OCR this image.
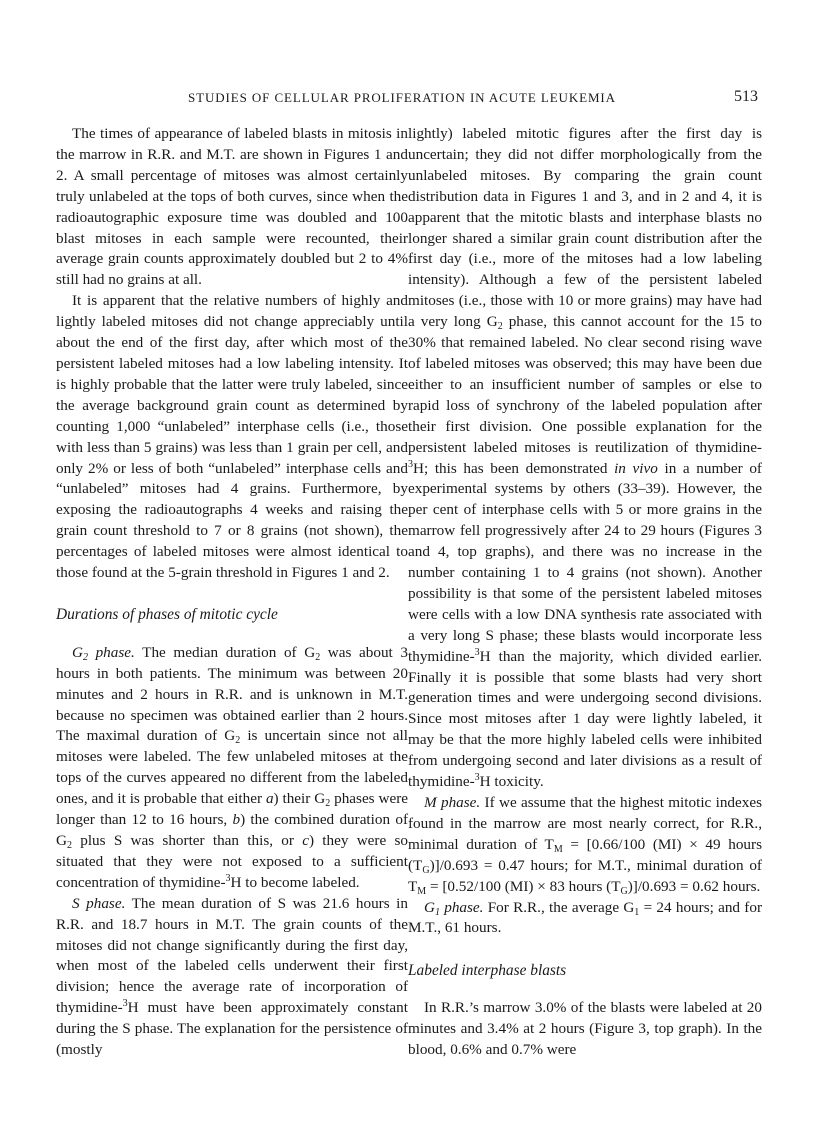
STUDIES OF CELLULAR PROLIFERATION IN ACUTE LEUKEMIA	513

The times of appearance of labeled blasts in mitosis in the marrow in R.R. and M.T. are shown in Figures 1 and 2. A small percentage of mitoses was almost certainly truly unlabeled at the tops of both curves, since when the radioautographic exposure time was doubled and 100 blast mitoses in each sample were recounted, their average grain counts approximately doubled but 2 to 4% still had no grains at all.

It is apparent that the relative numbers of highly and lightly labeled mitoses did not change appreciably until about the end of the first day, after which most of the persistent labeled mitoses had a low labeling intensity. It is highly probable that the latter were truly labeled, since the average background grain count as determined by counting 1,000 “unlabeled” interphase cells (i.e., those with less than 5 grains) was less than 1 grain per cell, and only 2% or less of both “unlabeled” interphase cells and “unlabeled” mitoses had 4 grains. Furthermore, by exposing the radioautographs 4 weeks and raising the grain count threshold to 7 or 8 grains (not shown), the percentages of labeled mitoses were almost identical to those found at the 5-grain threshold in Figures 1 and 2.

Durations of phases of mitotic cycle

$G_2$ phase. The median duration of $G_2$ was about 3 hours in both patients. The minimum was between 20 minutes and 2 hours in R.R. and is unknown in M.T. because no specimen was obtained earlier than 2 hours. The maximal duration of $G_2$ is uncertain since not all mitoses were labeled. The few unlabeled mitoses at the tops of the curves appeared no different from the labeled ones, and it is probable that either a) their $G_2$ phases were longer than 12 to 16 hours, b) the combined duration of $G_2$ plus S was shorter than this, or c) they were so situated that they were not exposed to a sufficient concentration of thymidine-$^3$H to become labeled.

S phase. The mean duration of S was 21.6 hours in R.R. and 18.7 hours in M.T. The grain counts of the mitoses did not change significantly during the first day, when most of the labeled cells underwent their first division; hence the average rate of incorporation of thymidine-$^3$H must have been approximately constant during the S phase. The explanation for the persistence of (mostly

lightly) labeled mitotic figures after the first day is uncertain; they did not differ morphologically from the unlabeled mitoses. By comparing the grain count distribution data in Figures 1 and 3, and in 2 and 4, it is apparent that the mitotic blasts and interphase blasts no longer shared a similar grain count distribution after the first day (i.e., more of the mitoses had a low labeling intensity). Although a few of the persistent labeled mitoses (i.e., those with 10 or more grains) may have had a very long $G_2$ phase, this cannot account for the 15 to 30% that remained labeled. No clear second rising wave of labeled mitoses was observed; this may have been due either to an insufficient number of samples or else to rapid loss of synchrony of the labeled population after their first division. One possible explanation for the persistent labeled mitoses is reutilization of thymidine-$^3$H; this has been demonstrated in vivo in a number of experimental systems by others (33–39). However, the per cent of interphase cells with 5 or more grains in the marrow fell progressively after 24 to 29 hours (Figures 3 and 4, top graphs), and there was no increase in the number containing 1 to 4 grains (not shown). Another possibility is that some of the persistent labeled mitoses were cells with a low DNA synthesis rate associated with a very long S phase; these blasts would incorporate less thymidine-$^3$H than the majority, which divided earlier. Finally it is possible that some blasts had very short generation times and were undergoing second divisions. Since most mitoses after 1 day were lightly labeled, it may be that the more highly labeled cells were inhibited from undergoing second and later divisions as a result of thymidine-$^3$H toxicity.

M phase. If we assume that the highest mitotic indexes found in the marrow are most nearly correct, for R.R., minimal duration of $T_M = [0.66/100$ (MI) × 49 hours $(T_G)]/0.693 = 0.47$ hours; for M.T., minimal duration of $T_M = [0.52/100$ (MI) × 83 hours $(T_G)]/0.693 = 0.62$ hours.

$G_1$ phase. For R.R., the average $G_1 = 24$ hours; and for M.T., 61 hours.

Labeled interphase blasts

In R.R.’s marrow 3.0% of the blasts were labeled at 20 minutes and 3.4% at 2 hours (Figure 3, top graph). In the blood, 0.6% and 0.7% were
